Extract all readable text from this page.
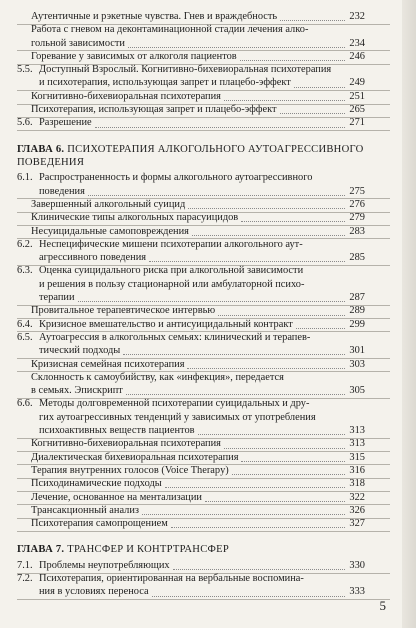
Аутентичные и рэкетные чувства. Гнев и враждебность	232
Работа с гневом на деконтаминационной стадии лечения алко-
гольной зависимости	234
Горевание у зависимых от алкоголя пациентов	246
5.5. Доступный Взрослый. Когнитивно-бихевиоральная психотерапия
и психотерапия, использующая запрет и плацебо-эффект	249
Когнитивно-бихевиоральная психотерапия	251
Психотерапия, использующая запрет и плацебо-эффект	265
5.6. Разрешение	271
ГЛАВА 6. ПСИХОТЕРАПИЯ АЛКОГОЛЬНОГО АУТОАГРЕССИВНОГО
ПОВЕДЕНИЯ
6.1. Распространенность и формы алкогольного аутоагрессивного
поведения	275
Завершенный алкогольный суицид	276
Клинические типы алкогольных парасуицидов	279
Несуицидальные самоповреждения	283
6.2. Неспецифические мишени психотерапии алкогольного аут-
агрессивного поведения	285
6.3. Оценка суицидального риска при алкогольной зависимости
и решения в пользу стационарной или амбулаторной психо-
терапии	287
Провитальное терапевтическое интервью	289
6.4. Кризисное вмешательство и антисуицидальный контракт	299
6.5. Аутоагрессия в алкогольных семьях: клинический и терапев-
тический подходы	301
Кризисная семейная психотерапия	303
Склонность к самоубийству, как «инфекция», передается
в семьях. Эпискрипт	305
6.6. Методы долговременной психотерапии суицидальных и дру-
гих аутоагрессивных тенденций у зависимых от употребления
психоактивных веществ пациентов	313
Когнитивно-бихевиоральная психотерапия	313
Диалектическая бихевиоральная психотерапия	315
Терапия внутренних голосов (Voice Therapy)	316
Психодинамические подходы	318
Лечение, основанное на ментализации	322
Трансакционный анализ	326
Психотерапия самопрощением	327
ГЛАВА 7. ТРАНСФЕР И КОНТРТРАНСФЕР
7.1. Проблемы неупотребляющих	330
7.2. Психотерапия, ориентированная на вербальные воспомина-
ния в условиях переноса	333
5
